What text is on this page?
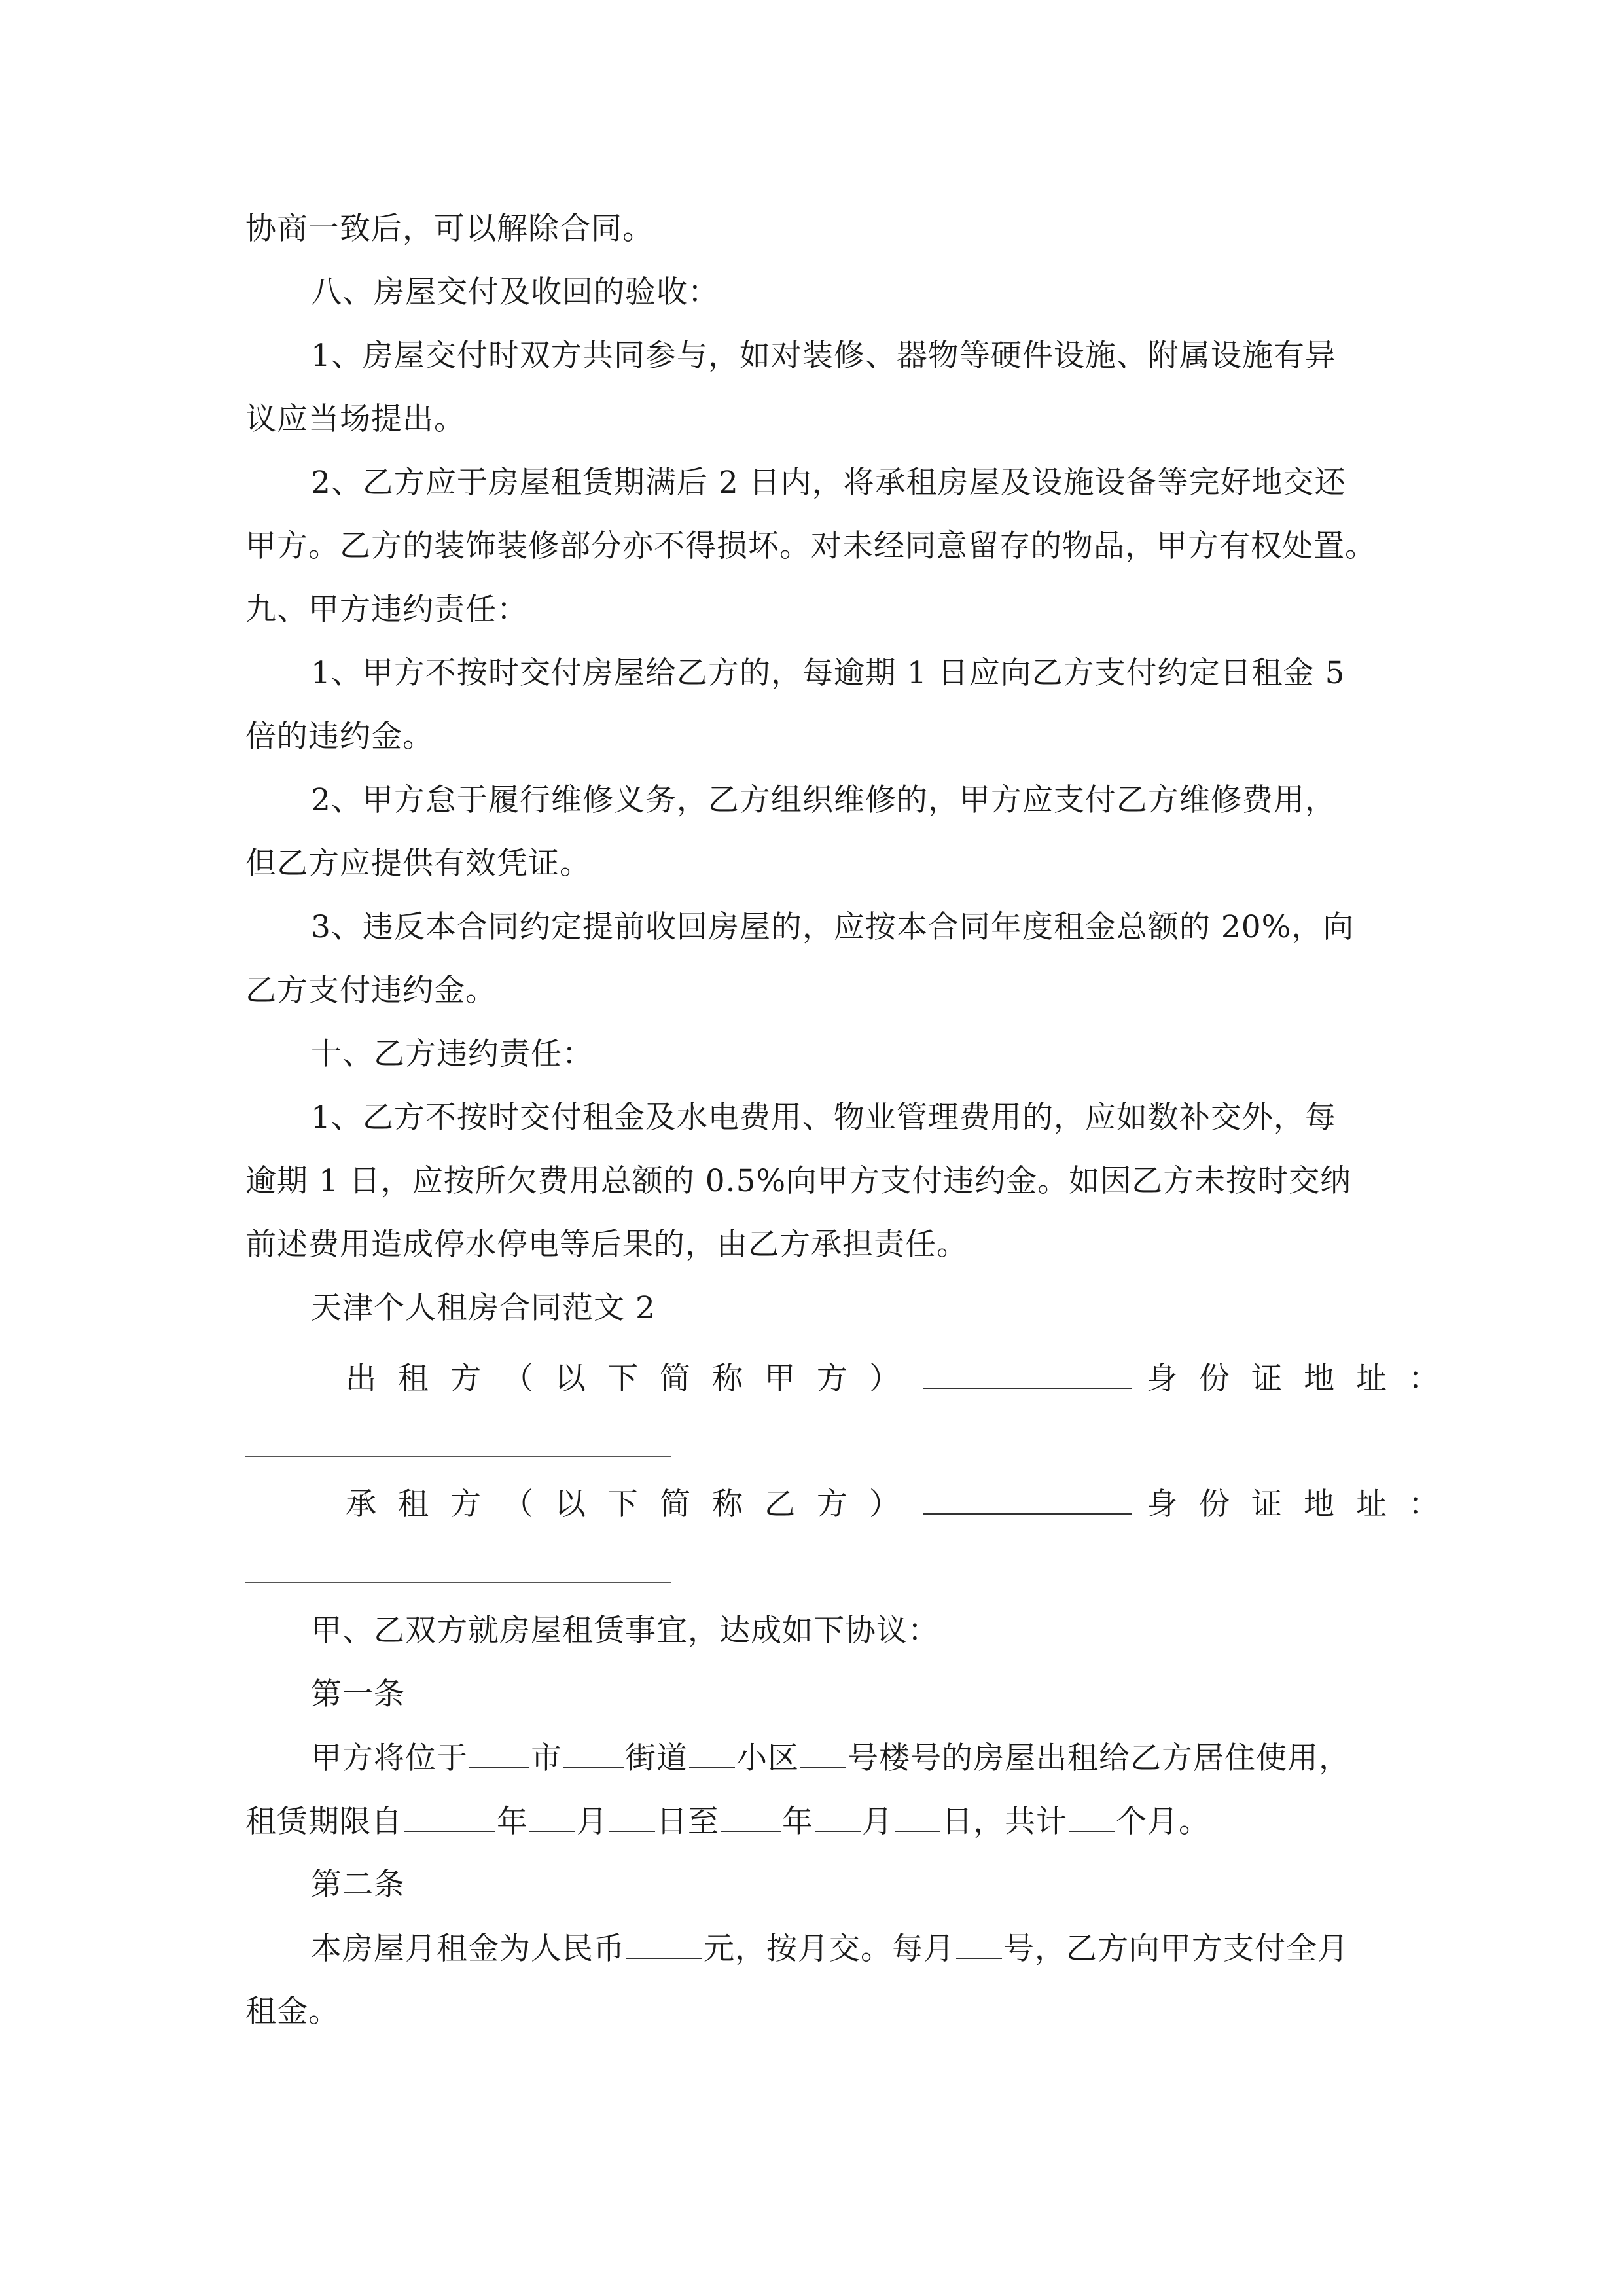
协商一致后，可以解除合同。
八、房屋交付及收回的验收：
1、房屋交付时双方共同参与，如对装修、器物等硬件设施、附属设施有异
议应当场提出。
2、乙方应于房屋租赁期满后 2 日内，将承租房屋及设施设备等完好地交还
甲方。乙方的装饰装修部分亦不得损坏。对未经同意留存的物品，甲方有权处置。
九、甲方违约责任：
1、甲方不按时交付房屋给乙方的，每逾期 1 日应向乙方支付约定日租金 5
倍的违约金。
2、甲方怠于履行维修义务，乙方组织维修的，甲方应支付乙方维修费用，
但乙方应提供有效凭证。
3、违反本合同约定提前收回房屋的，应按本合同年度租金总额的 20%，向
乙方支付违约金。
十、乙方违约责任：
1、乙方不按时交付租金及水电费用、物业管理费用的，应如数补交外，每
逾期 1 日，应按所欠费用总额的 0.5%向甲方支付违约金。如因乙方未按时交纳
前述费用造成停水停电等后果的，由乙方承担责任。
天津个人租房合同范文 2
出租方（以下简称甲方）	身份证地址：
承租方（以下简称乙方）	身份证地址：
甲、乙双方就房屋租赁事宜，达成如下协议：
第一条
甲方将位于 市 街道 小区 号楼号的房屋出租给乙方居住使用，
租赁期限自	年 月 日至 年 月 日，共计 个月。
第二条
本房屋月租金为人民币	元，按月交。每月 号，乙方向甲方支付全月
租金。
